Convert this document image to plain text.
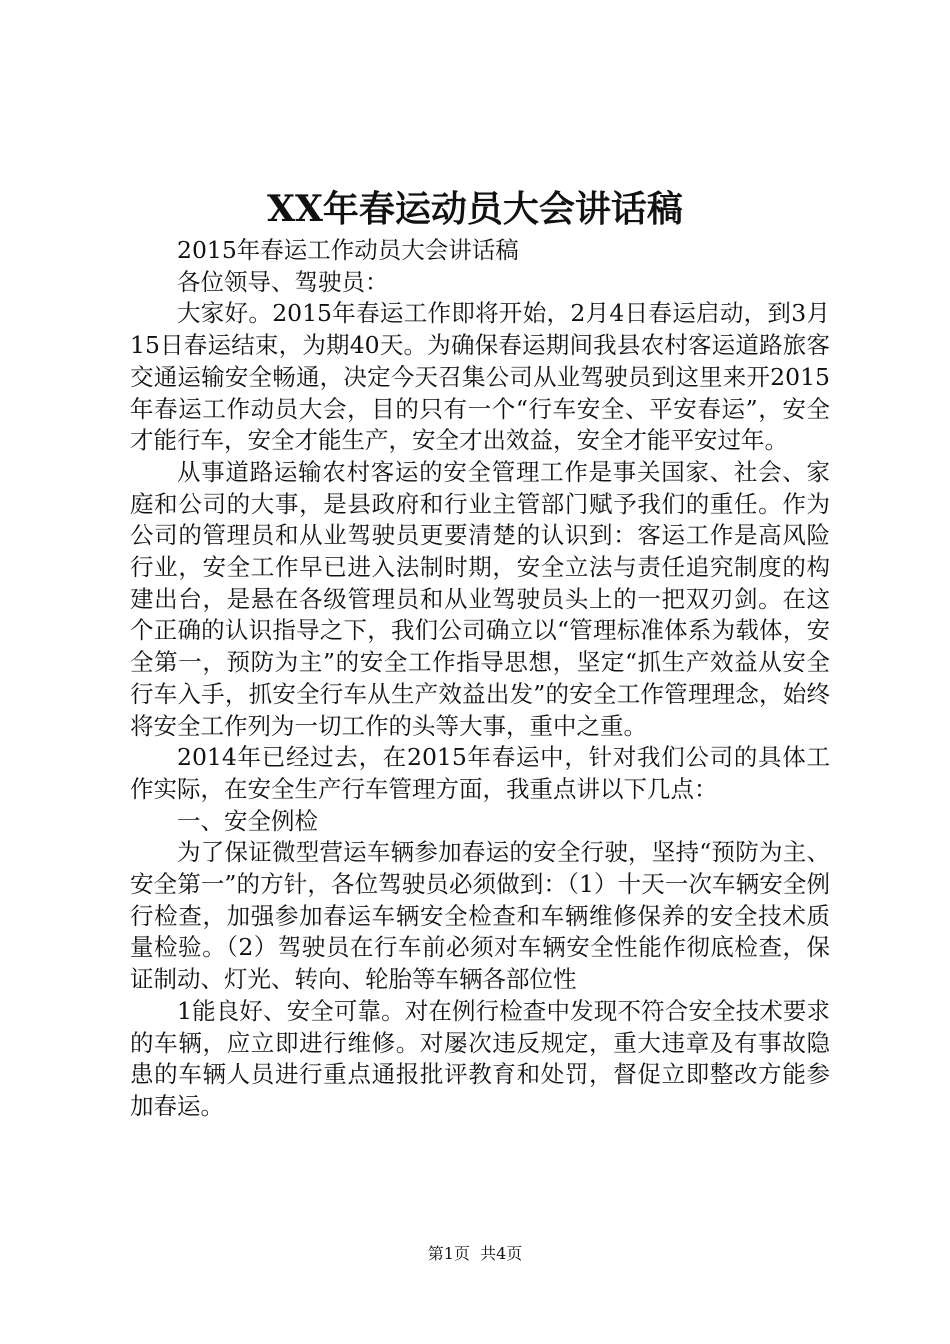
XX年春运动员大会讲话稿

2015年春运工作动员大会讲话稿

各位领导、驾驶员：

大家好。2015年春运工作即将开始，2月4日春运启动，到3月15日春运结束，为期40天。为确保春运期间我县农村客运道路旅客交通运输安全畅通，决定今天召集公司从业驾驶员到这里来开2015年春运工作动员大会，目的只有一个“行车安全、平安春运”，安全才能行车，安全才能生产，安全才出效益，安全才能平安过年。

从事道路运输农村客运的安全管理工作是事关国家、社会、家庭和公司的大事，是县政府和行业主管部门赋予我们的重任。作为公司的管理员和从业驾驶员更要清楚的认识到：客运工作是高风险行业，安全工作早已进入法制时期，安全立法与责任追究制度的构建出台，是悬在各级管理员和从业驾驶员头上的一把双刃剑。在这个正确的认识指导之下，我们公司确立以“管理标准体系为载体，安全第一，预防为主”的安全工作指导思想，坚定“抓生产效益从安全行车入手，抓安全行车从生产效益出发”的安全工作管理理念，始终将安全工作列为一切工作的头等大事，重中之重。

2014年已经过去，在2015年春运中，针对我们公司的具体工作实际，在安全生产行车管理方面，我重点讲以下几点：

一、安全例检

为了保证微型营运车辆参加春运的安全行驶，坚持“预防为主、安全第一”的方针，各位驾驶员必须做到：（1）十天一次车辆安全例行检查，加强参加春运车辆安全检查和车辆维修保养的安全技术质量检验。（2）驾驶员在行车前必须对车辆安全性能作彻底检查，保证制动、灯光、转向、轮胎等车辆各部位性

1能良好、安全可靠。对在例行检查中发现不符合安全技术要求的车辆，应立即进行维修。对屡次违反规定，重大违章及有事故隐患的车辆人员进行重点通报批评教育和处罚，督促立即整改方能参加春运。

第1页  共4页
